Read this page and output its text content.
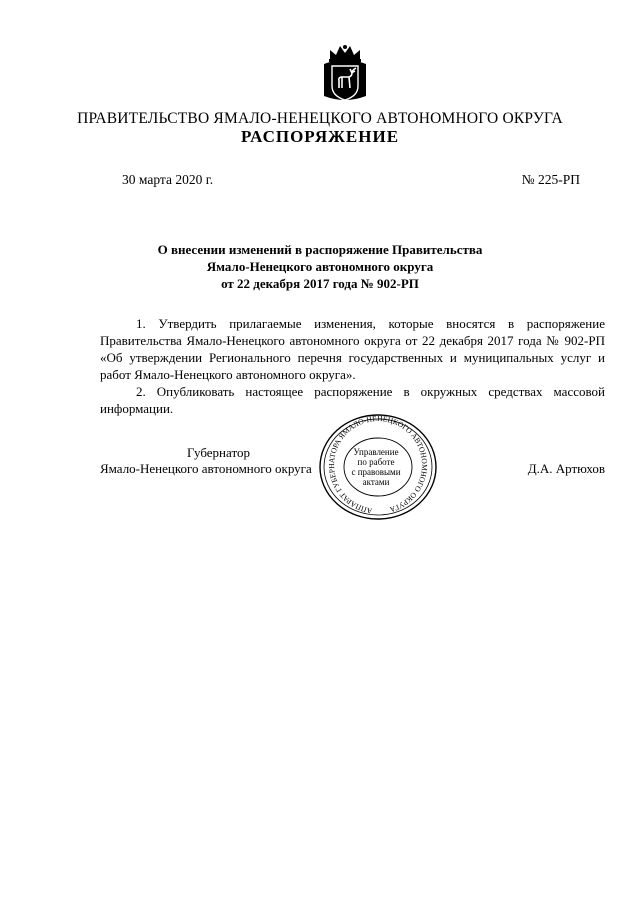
ПРАВИТЕЛЬСТВО ЯМАЛО-НЕНЕЦКОГО АВТОНОМНОГО ОКРУГА
РАСПОРЯЖЕНИЕ
30 марта 2020 г.	№ 225-РП
О внесении изменений в распоряжение Правительства
Ямало-Ненецкого автономного округа
от 22 декабря 2017 года № 902-РП

1. Утвердить прилагаемые изменения, которые вносятся в распоряжение Правительства Ямало-Ненецкого автономного округа от 22 декабря 2017 года № 902-РП «Об утверждении Регионального перечня государственных и муниципальных услуг и работ Ямало-Ненецкого автономного округа».

2. Опубликовать настоящее распоряжение в окружных средствах массовой информации.

Губернатор
Ямало-Ненецкого автономного округа	Д.А. Артюхов
АППАРАТ ГУБЕРНАТОРА ЯМАЛО-НЕНЕЦКОГО АВТОНОМНОГО ОКРУГА
Управление
по работе
с правовыми
актами
